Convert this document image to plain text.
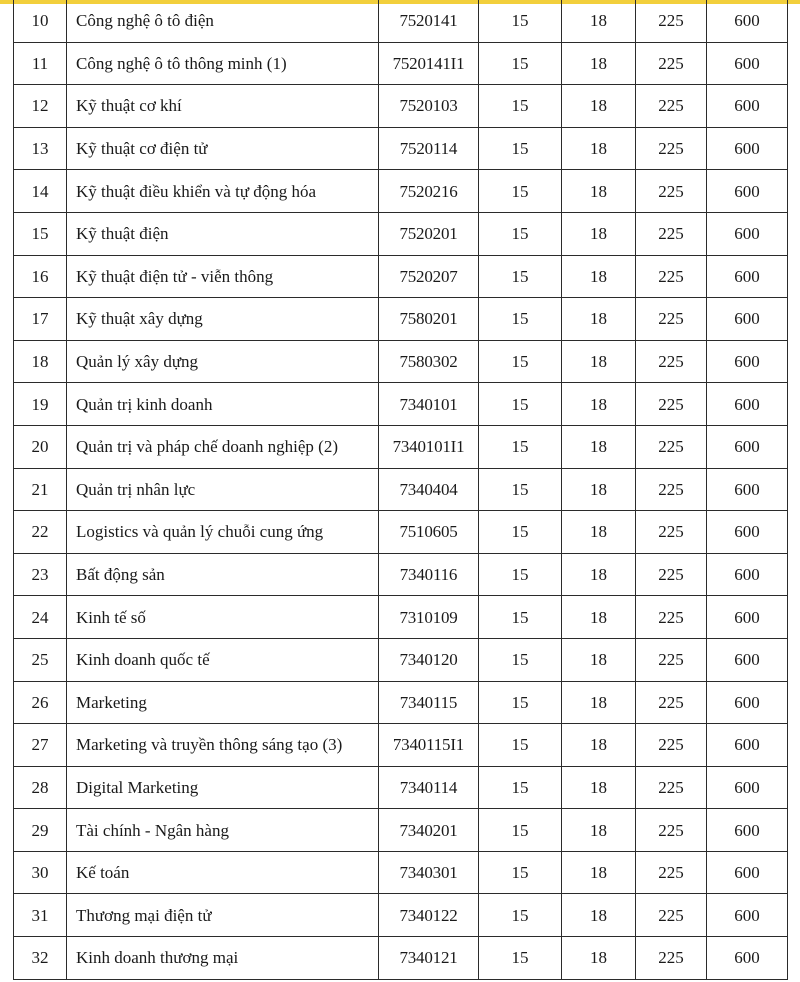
10	Công nghệ ô tô điện	7520141	15	18	225	600
11	Công nghệ ô tô thông minh (1)	7520141I1	15	18	225	600
12	Kỹ thuật cơ khí	7520103	15	18	225	600
13	Kỹ thuật cơ điện tử	7520114	15	18	225	600
14	Kỹ thuật điều khiển và tự động hóa	7520216	15	18	225	600
15	Kỹ thuật điện	7520201	15	18	225	600
16	Kỹ thuật điện tử - viễn thông	7520207	15	18	225	600
17	Kỹ thuật xây dựng	7580201	15	18	225	600
18	Quản lý xây dựng	7580302	15	18	225	600
19	Quản trị kinh doanh	7340101	15	18	225	600
20	Quản trị và pháp chế doanh nghiệp (2)	7340101I1	15	18	225	600
21	Quản trị nhân lực	7340404	15	18	225	600
22	Logistics và quản lý chuỗi cung ứng	7510605	15	18	225	600
23	Bất động sản	7340116	15	18	225	600
24	Kinh tế số	7310109	15	18	225	600
25	Kinh doanh quốc tế	7340120	15	18	225	600
26	Marketing	7340115	15	18	225	600
27	Marketing và truyền thông sáng tạo (3)	7340115I1	15	18	225	600
28	Digital Marketing	7340114	15	18	225	600
29	Tài chính - Ngân hàng	7340201	15	18	225	600
30	Kế toán	7340301	15	18	225	600
31	Thương mại điện tử	7340122	15	18	225	600
32	Kinh doanh thương mại	7340121	15	18	225	600
